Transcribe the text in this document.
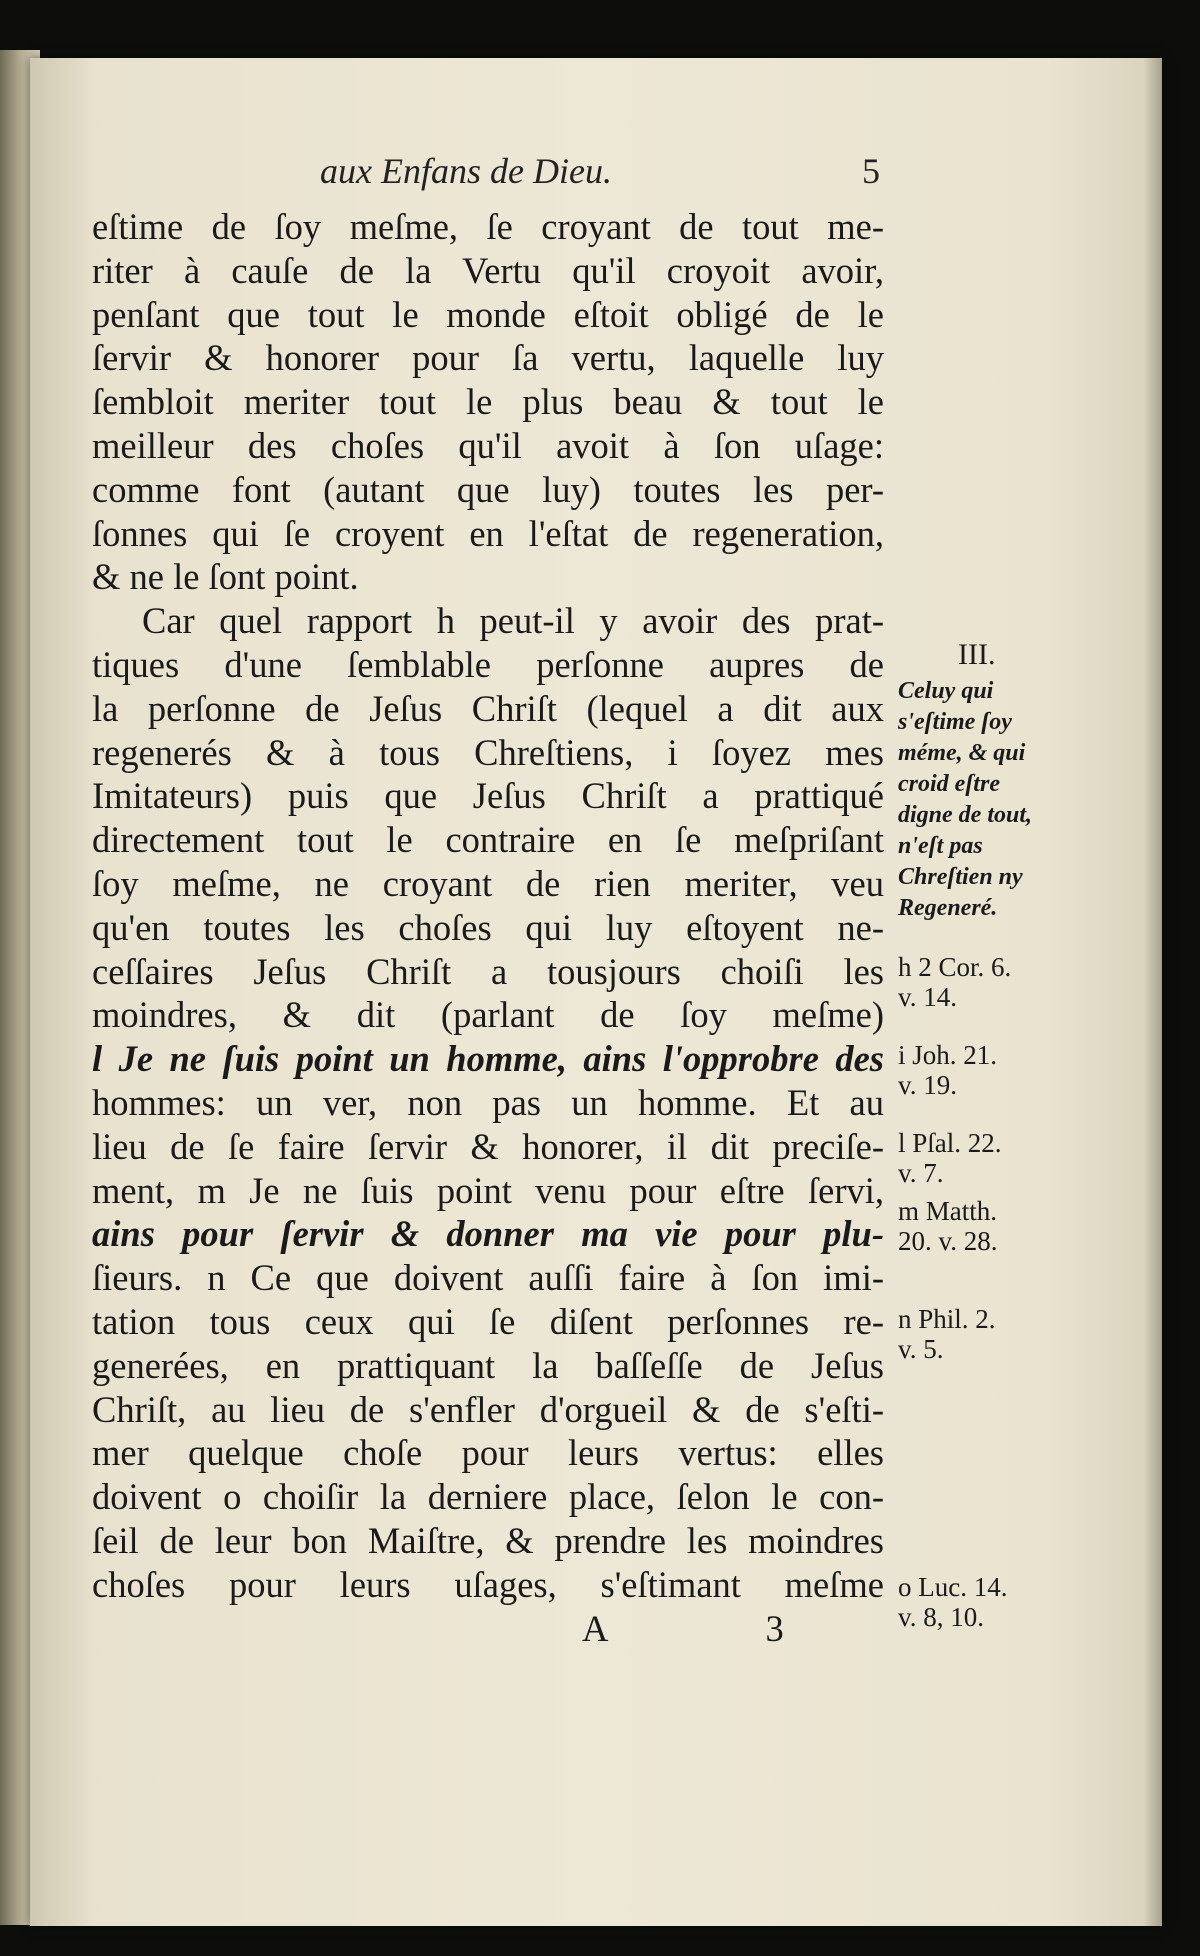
aux Enfans de Dieu.	5
eſtime de ſoy meſme, ſe croyant de tout me-
riter à cauſe de la Vertu qu'il croyoit avoir,
penſant que tout le monde eſtoit obligé de le
ſervir & honorer pour ſa vertu, laquelle luy
ſembloit meriter tout le plus beau & tout le
meilleur des choſes qu'il avoit à ſon uſage:
comme font (autant que luy) toutes les per-
ſonnes qui ſe croyent en l'eſtat de regeneration,
& ne le ſont point.
Car quel rapport h peut-il y avoir des prat-
tiques d'une ſemblable perſonne aupres de
la perſonne de Jeſus Chriſt (lequel a dit aux
regenerés & à tous Chreſtiens, i ſoyez mes
Imitateurs) puis que Jeſus Chriſt a prattiqué
directement tout le contraire en ſe meſpriſant
ſoy meſme, ne croyant de rien meriter, veu
qu'en toutes les choſes qui luy eſtoyent ne-
ceſſaires Jeſus Chriſt a tousjours choiſi les
moindres, & dit (parlant de ſoy meſme)
l Je ne ſuis point un homme, ains l'opprobre des
hommes: un ver, non pas un homme. Et au
lieu de ſe faire ſervir & honorer, il dit preciſe-
ment, m Je ne ſuis point venu pour eſtre ſervi,
ains pour ſervir & donner ma vie pour plu-
ſieurs. n Ce que doivent auſſi faire à ſon imi-
tation tous ceux qui ſe diſent perſonnes re-
generées, en prattiquant la baſſeſſe de Jeſus
Chriſt, au lieu de s'enfler d'orgueil & de s'eſti-
mer quelque choſe pour leurs vertus: elles
doivent o choiſir la derniere place, ſelon le con-
ſeil de leur bon Maiſtre, & prendre les moindres
choſes pour leurs uſages, s'eſtimant meſme
A 3
III.
Celuy qui
s'eſtime ſoy
méme, & qui
croid eſtre
digne de tout,
n'eſt pas
Chreſtien ny
Regeneré.
h 2 Cor. 6.
v. 14.
i Joh. 21.
v. 19.
l Pſal. 22.
v. 7.
m Matth.
20. v. 28.
n Phil. 2.
v. 5.
o Luc. 14.
v. 8, 10.
